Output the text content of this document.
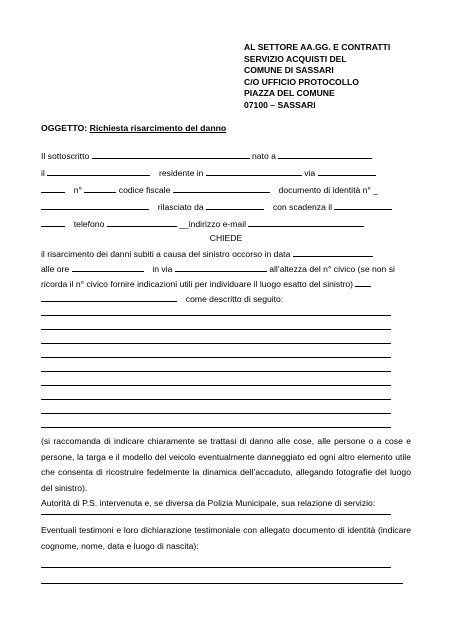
AL SETTORE AA.GG. E CONTRATTI
SERVIZIO ACQUISTI DEL
COMUNE DI SASSARI
C/O UFFICIO PROTOCOLLO
PIAZZA DEL COMUNE
07100 – SASSARI
OGGETTO: Richiesta risarcimento del danno
Il sottoscritto	nato a
il	residente in	via
n°	codice fiscale	documento di identità n° _
rilasciato da	con scadenza il
telefono	__indirizzo e-mail
CHIEDE
il risarcimento dei danni subiti a causa del sinistro occorso in data
alle ore	in via	all’altezza del n° civico (se non si
ricorda il n° civico fornire indicazioni utili per individuare il luogo esatto del sinistro)
come descritto di seguito:
(si raccomanda di indicare chiaramente se trattasi di danno alle cose, alle persone o a cose e persone, la targa e il modello del veicolo eventualmente danneggiato ed ogni altro elemento utile che consenta di ricostruire fedelmente la dinamica dell’accaduto, allegando fotografie del luogo del sinistro).
Autorità di P.S. intervenuta e, se diversa da Polizia Municipale, sua relazione di servizio:
Eventuali testimoni e loro dichiarazione testimoniale con allegato documento di identità (indicare cognome, nome, data e luogo di nascita):
